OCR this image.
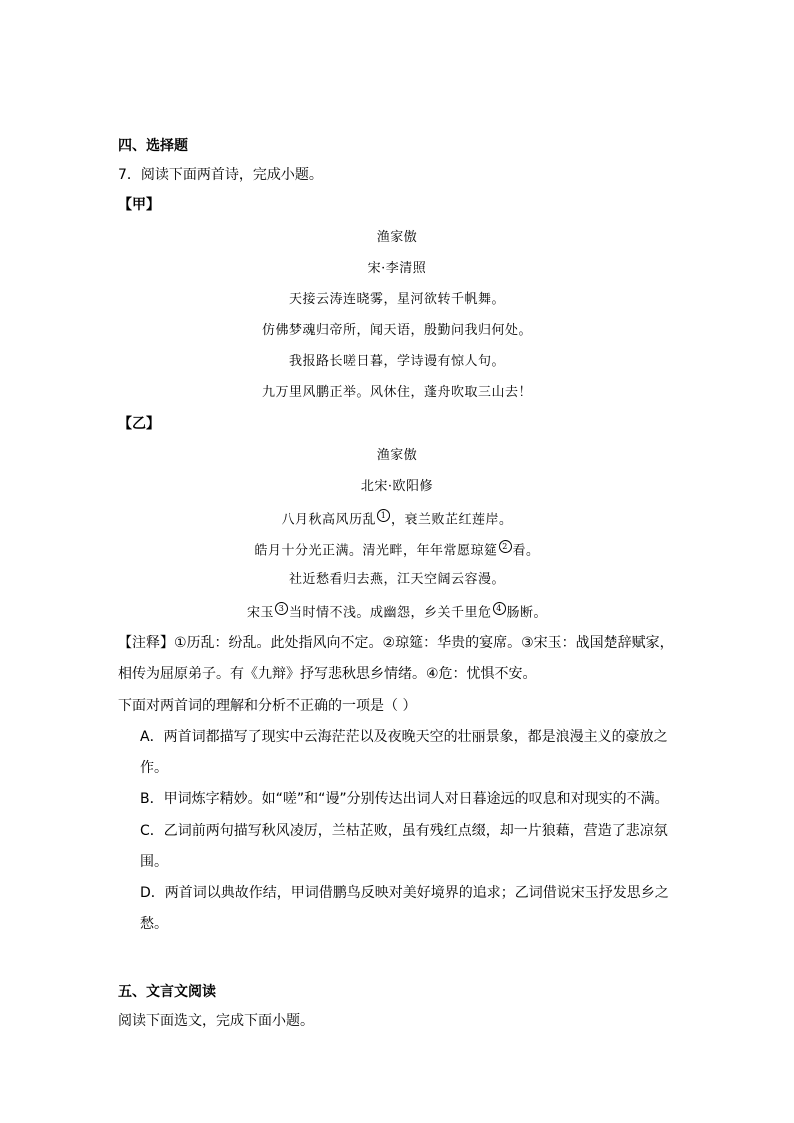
四、选择题
7．阅读下面两首诗，完成小题。
【甲】
渔家傲
宋·李清照
天接云涛连晓雾，星河欲转千帆舞。
仿佛梦魂归帝所，闻天语，殷勤问我归何处。
我报路长嗟日暮，学诗谩有惊人句。
九万里风鹏正举。风休住，蓬舟吹取三山去！
【乙】
渔家傲
北宋·欧阳修
八月秋高风历乱 1 ，衰兰败芷红莲岸。
皓月十分光正满。清光畔，年年常愿琼筵 2 看。
社近愁看归去燕，江天空阔云容漫。
宋玉 3 当时情不浅。成幽怨，乡关千里危 4 肠断。
【注释】①历乱：纷乱。此处指风向不定。②琼筵：华贵的宴席。③宋玉：战国楚辞赋家，
相传为屈原弟子。有《九辩》抒写悲秋思乡情绪。④危：忧惧不安。
下面对两首词的理解和分析不正确的一项是（ ）
A．两首词都描写了现实中云海茫茫以及夜晚天空的壮丽景象，都是浪漫主义的豪放之
作。
B．甲词炼字精妙。如“嗟”和“谩”分别传达出词人对日暮途远的叹息和对现实的不满。
C．乙词前两句描写秋风凌厉，兰枯芷败，虽有残红点缀，却一片狼藉，营造了悲凉氛
围。
D．两首词以典故作结，甲词借鹏鸟反映对美好境界的追求；乙词借说宋玉抒发思乡之
愁。
五、文言文阅读
阅读下面选文，完成下面小题。
